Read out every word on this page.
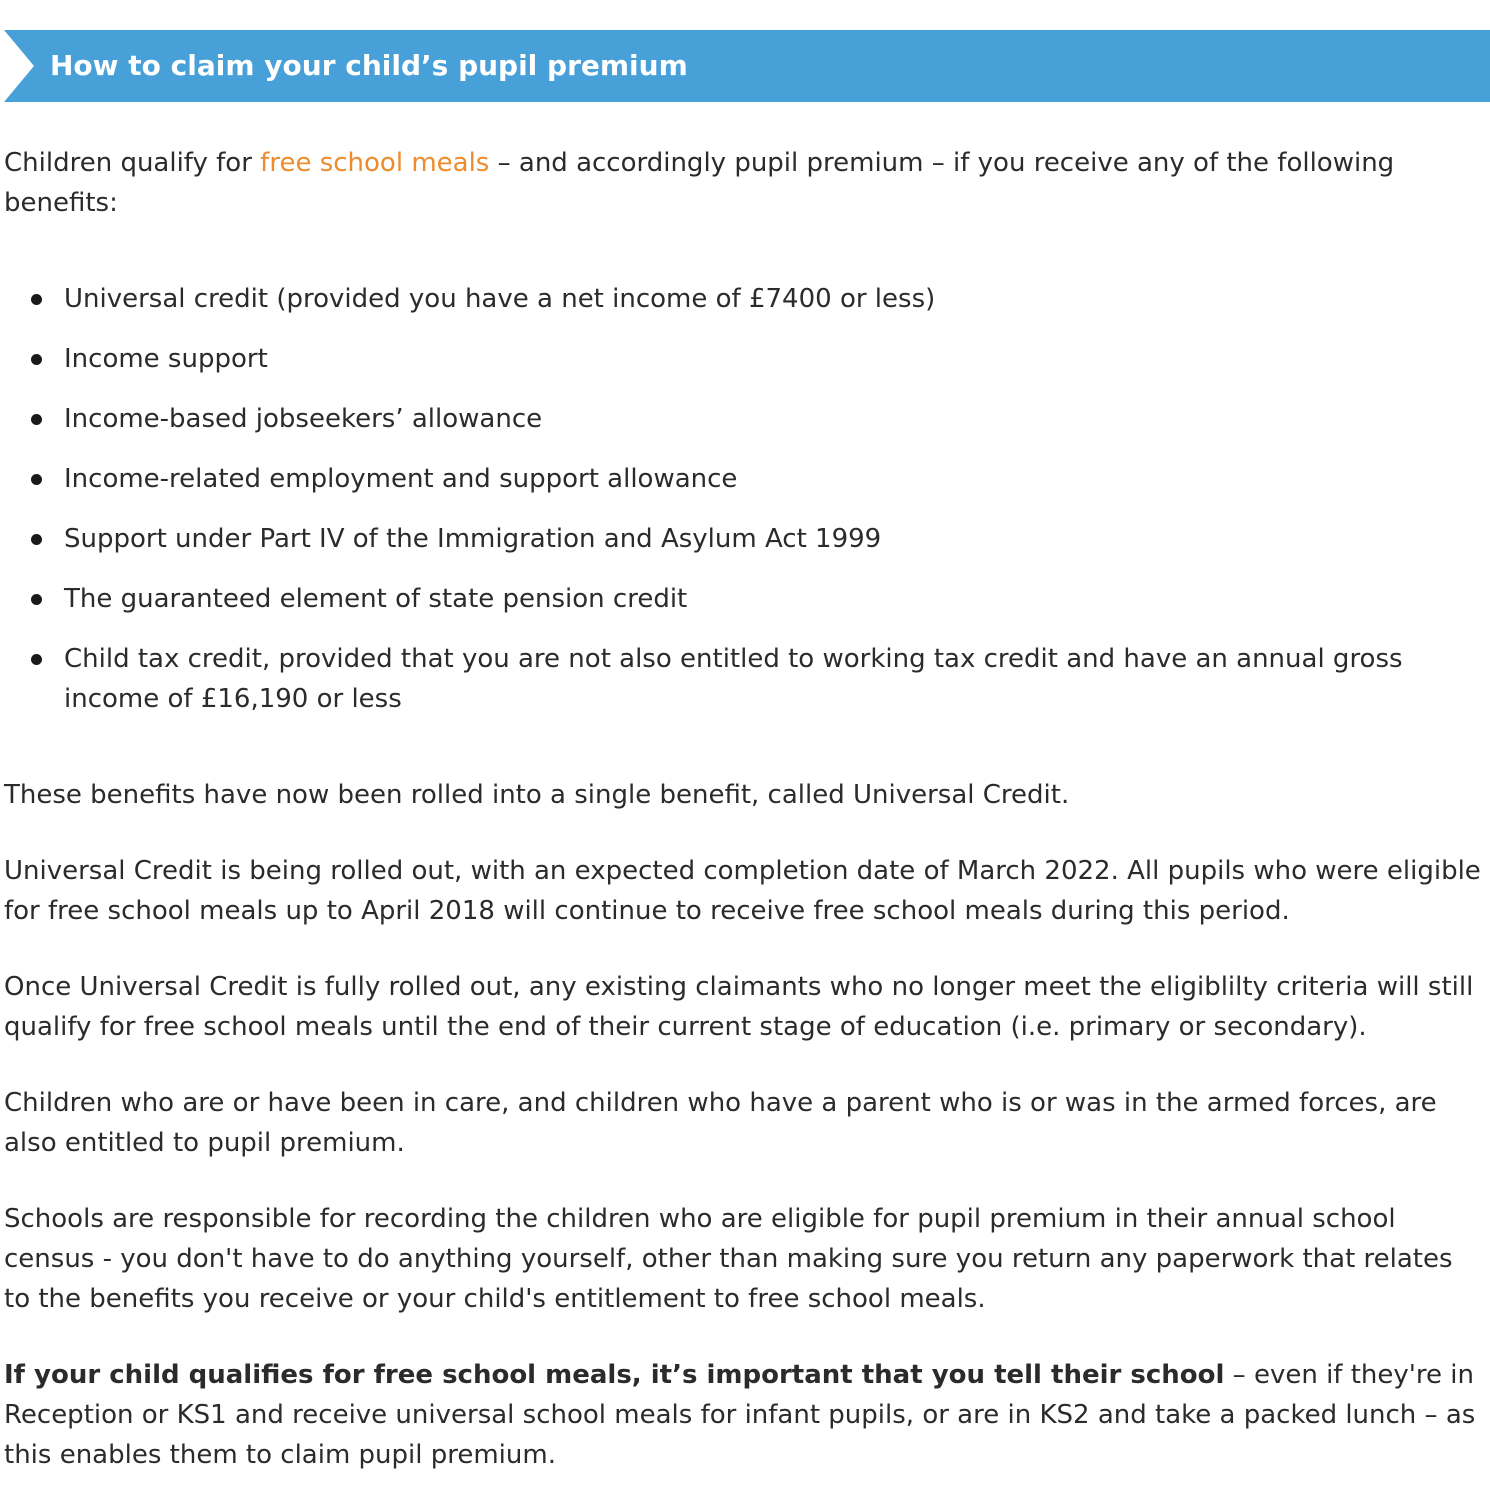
How to claim your child’s pupil premium

Children qualify for free school meals – and accordingly pupil premium – if you receive any of the following benefits:

Universal credit (provided you have a net income of £7400 or less)
Income support
Income-based jobseekers’ allowance
Income-related employment and support allowance
Support under Part IV of the Immigration and Asylum Act 1999
The guaranteed element of state pension credit
Child tax credit, provided that you are not also entitled to working tax credit and have an annual gross income of £16,190 or less

These benefits have now been rolled into a single benefit, called Universal Credit.

Universal Credit is being rolled out, with an expected completion date of March 2022. All pupils who were eligible for free school meals up to April 2018 will continue to receive free school meals during this period.

Once Universal Credit is fully rolled out, any existing claimants who no longer meet the eligiblilty criteria will still qualify for free school meals until the end of their current stage of education (i.e. primary or secondary).

Children who are or have been in care, and children who have a parent who is or was in the armed forces, are also entitled to pupil premium.

Schools are responsible for recording the children who are eligible for pupil premium in their annual school census - you don't have to do anything yourself, other than making sure you return any paperwork that relates to the benefits you receive or your child's entitlement to free school meals.

If your child qualifies for free school meals, it’s important that you tell their school – even if they're in Reception or KS1 and receive universal school meals for infant pupils, or are in KS2 and take a packed lunch – as this enables them to claim pupil premium.
